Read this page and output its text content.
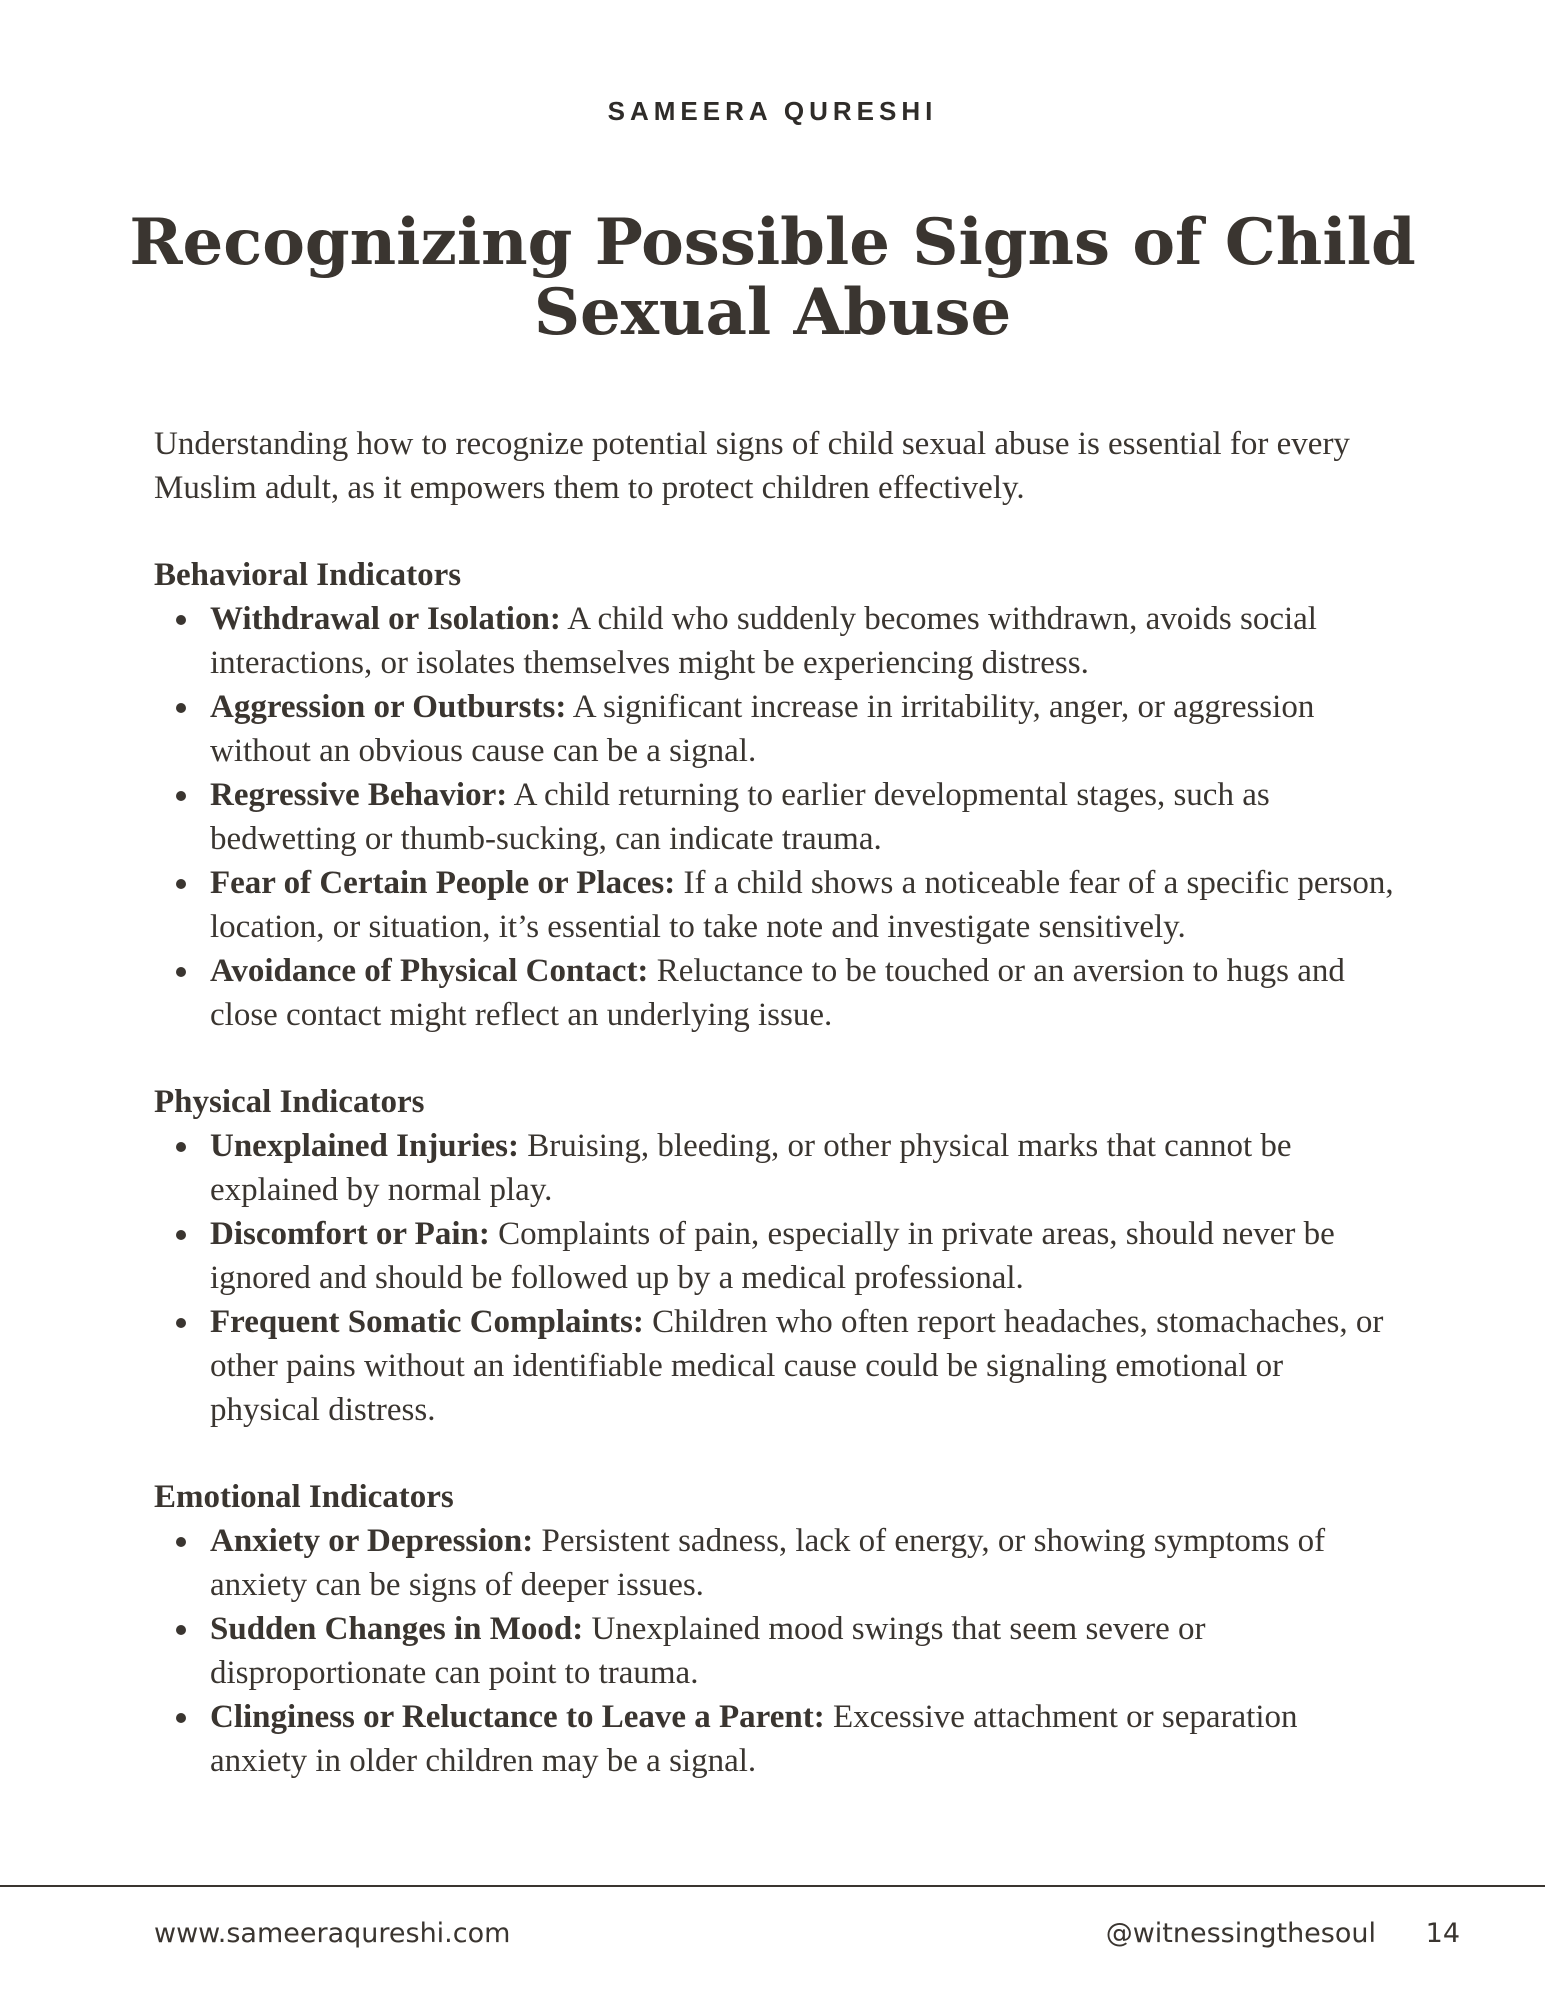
SAMEERA QURESHI
Recognizing Possible Signs of Child
Sexual Abuse

Understanding how to recognize potential signs of child sexual abuse is essential for every Muslim adult, as it empowers them to protect children effectively.

Behavioral Indicators
Withdrawal or Isolation: A child who suddenly becomes withdrawn, avoids social interactions, or isolates themselves might be experiencing distress.
Aggression or Outbursts: A significant increase in irritability, anger, or aggression without an obvious cause can be a signal.
Regressive Behavior: A child returning to earlier developmental stages, such as bedwetting or thumb-sucking, can indicate trauma.
Fear of Certain People or Places: If a child shows a noticeable fear of a specific person, location, or situation, it’s essential to take note and investigate sensitively.
Avoidance of Physical Contact: Reluctance to be touched or an aversion to hugs and close contact might reflect an underlying issue.
Physical Indicators
Unexplained Injuries: Bruising, bleeding, or other physical marks that cannot be explained by normal play.
Discomfort or Pain: Complaints of pain, especially in private areas, should never be ignored and should be followed up by a medical professional.
Frequent Somatic Complaints: Children who often report headaches, stomachaches, or other pains without an identifiable medical cause could be signaling emotional or physical distress.
Emotional Indicators
Anxiety or Depression: Persistent sadness, lack of energy, or showing symptoms of anxiety can be signs of deeper issues.
Sudden Changes in Mood: Unexplained mood swings that seem severe or disproportionate can point to trauma.
Clinginess or Reluctance to Leave a Parent: Excessive attachment or separation anxiety in older children may be a signal.
www.sameeraqureshi.com	@witnessingthesoul 14
